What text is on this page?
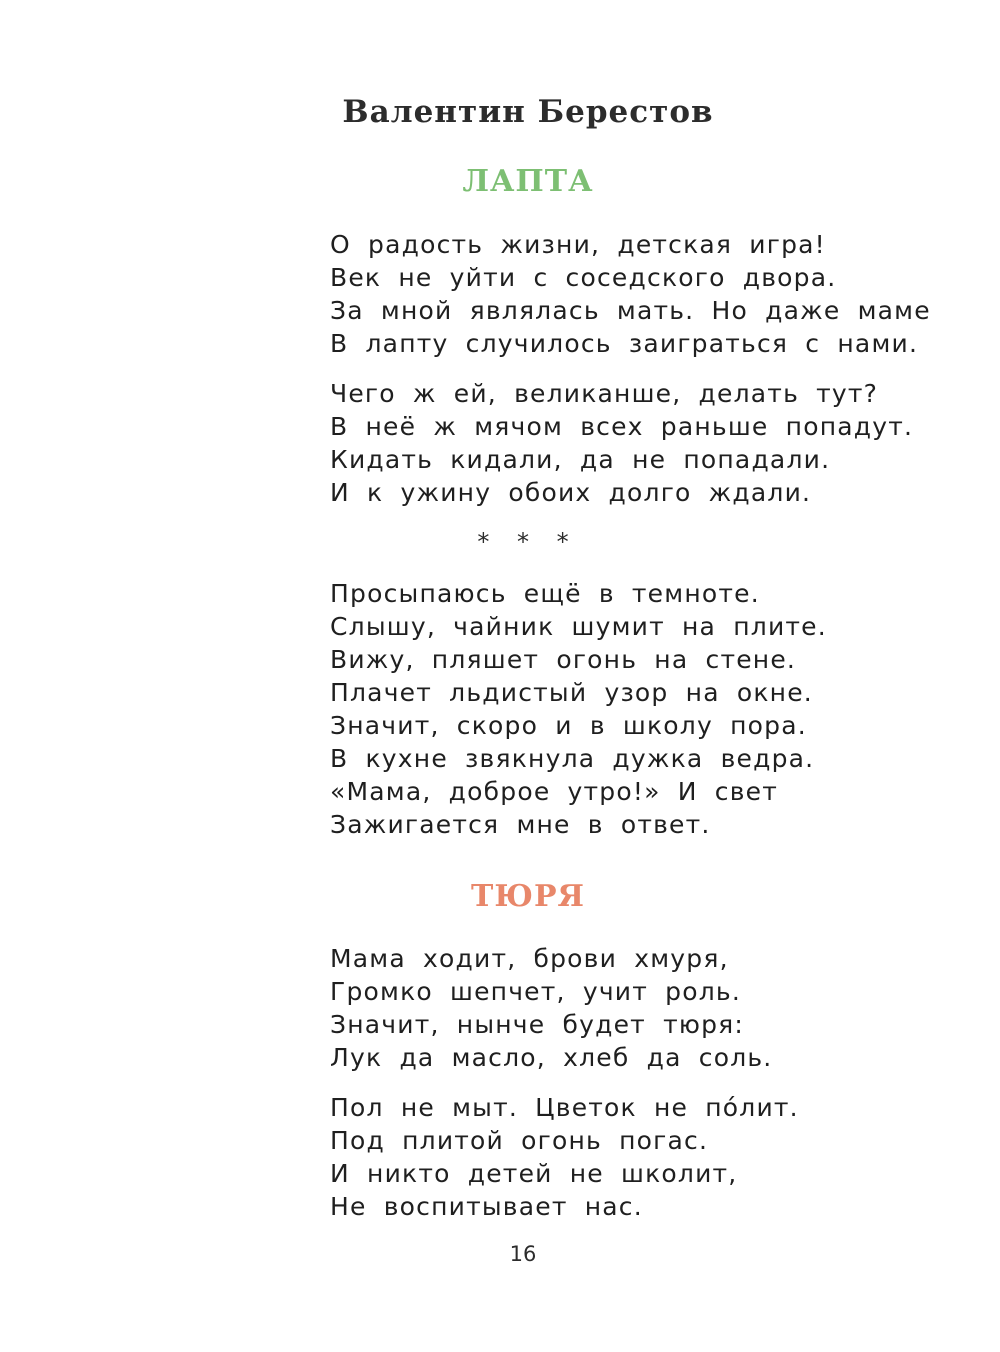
Валентин Берестов
ЛАПТА
О радость жизни, детская игра!
Век не уйти с соседского двора.
За мной являлась мать. Но даже маме
В лапту случилось заиграться с нами.
Чего ж ей, великанше, делать тут?
В неё ж мячом всех раньше попадут.
Кидать кидали, да не попадали.
И к ужину обоих долго ждали.
* * *
Просыпаюсь ещё в темноте.
Слышу, чайник шумит на плите.
Вижу, пляшет огонь на стене.
Плачет льдистый узор на окне.
Значит, скоро и в школу пора.
В кухне звякнула дужка ведра.
«Мама, доброе утро!» И свет
Зажигается мне в ответ.
ТЮРЯ
Мама ходит, брови хмуря,
Громко шепчет, учит роль.
Значит, нынче будет тюря:
Лук да масло, хлеб да соль.
Пол не мыт. Цветок не пóлит.
Под плитой огонь погас.
И никто детей не школит,
Не воспитывает нас.
16
